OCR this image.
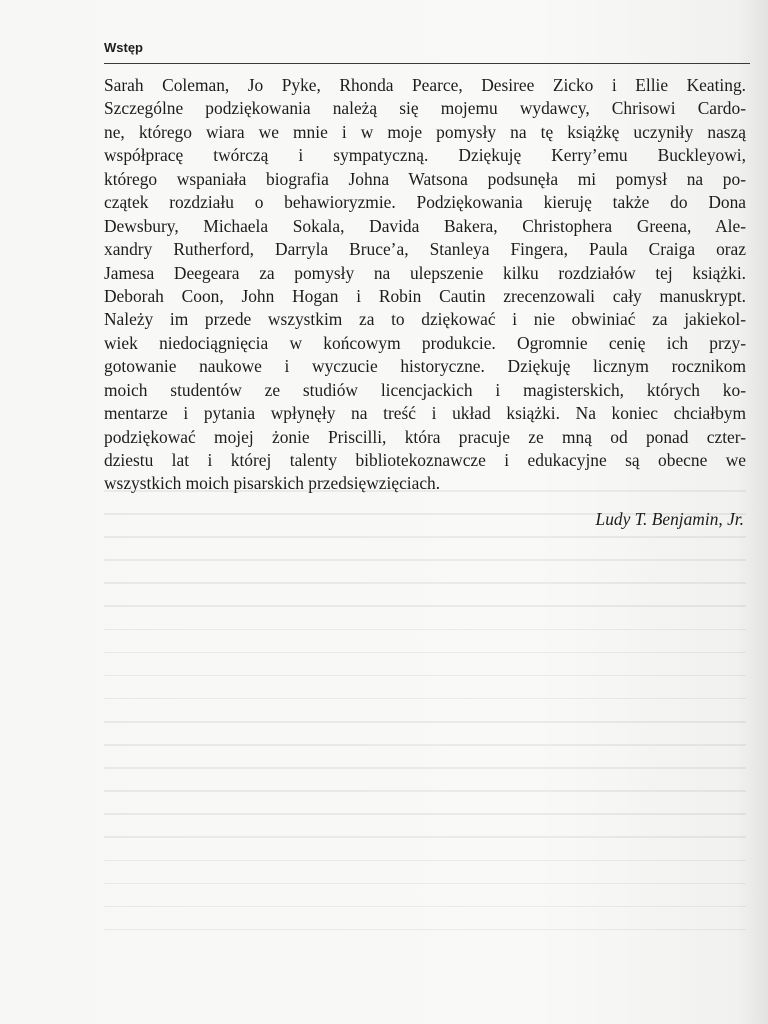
Wstęp
Sarah Coleman, Jo Pyke, Rhonda Pearce, Desiree Zicko i Ellie Keating.
Szczególne podziękowania należą się mojemu wydawcy, Chrisowi Cardo-
ne, którego wiara we mnie i w moje pomysły na tę książkę uczyniły naszą
współpracę twórczą i sympatyczną. Dziękuję Kerry’emu Buckleyowi,
którego wspaniała biografia Johna Watsona podsunęła mi pomysł na po-
czątek rozdziału o behawioryzmie. Podziękowania kieruję także do Dona
Dewsbury, Michaela Sokala, Davida Bakera, Christophera Greena, Ale-
xandry Rutherford, Darryla Bruce’a, Stanleya Fingera, Paula Craiga oraz
Jamesa Deegeara za pomysły na ulepszenie kilku rozdziałów tej książki.
Deborah Coon, John Hogan i Robin Cautin zrecenzowali cały manuskrypt.
Należy im przede wszystkim za to dziękować i nie obwiniać za jakiekol-
wiek niedociągnięcia w końcowym produkcie. Ogromnie cenię ich przy-
gotowanie naukowe i wyczucie historyczne. Dziękuję licznym rocznikom
moich studentów ze studiów licencjackich i magisterskich, których ko-
mentarze i pytania wpłynęły na treść i układ książki. Na koniec chciałbym
podziękować mojej żonie Priscilli, która pracuje ze mną od ponad czter-
dziestu lat i której talenty bibliotekoznawcze i edukacyjne są obecne we
wszystkich moich pisarskich przedsięwzięciach.
Ludy T. Benjamin, Jr.
